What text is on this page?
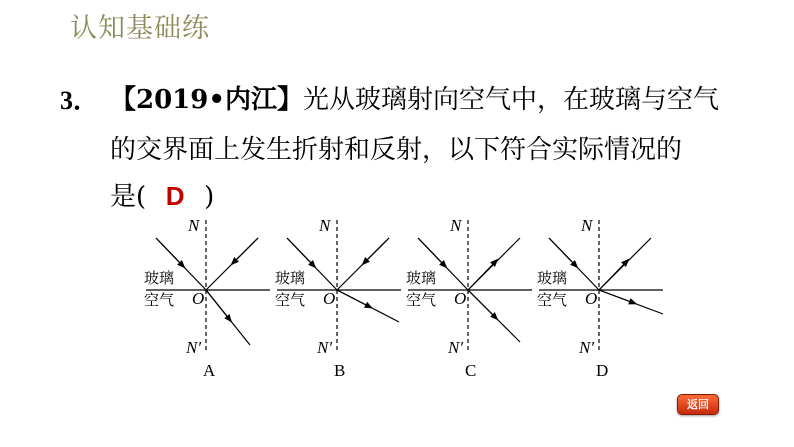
认知基础练
3． 【2019•内江】光从玻璃射向空气中，在玻璃与空气
的交界面上发生折射和反射，以下符合实际情况的
是( D )
N
N′
O
玻璃
空气
A
N
N′
O
玻璃
空气
B
N
N′
O
玻璃
空气
C
N
N′
O
玻璃
空气
D
返回
